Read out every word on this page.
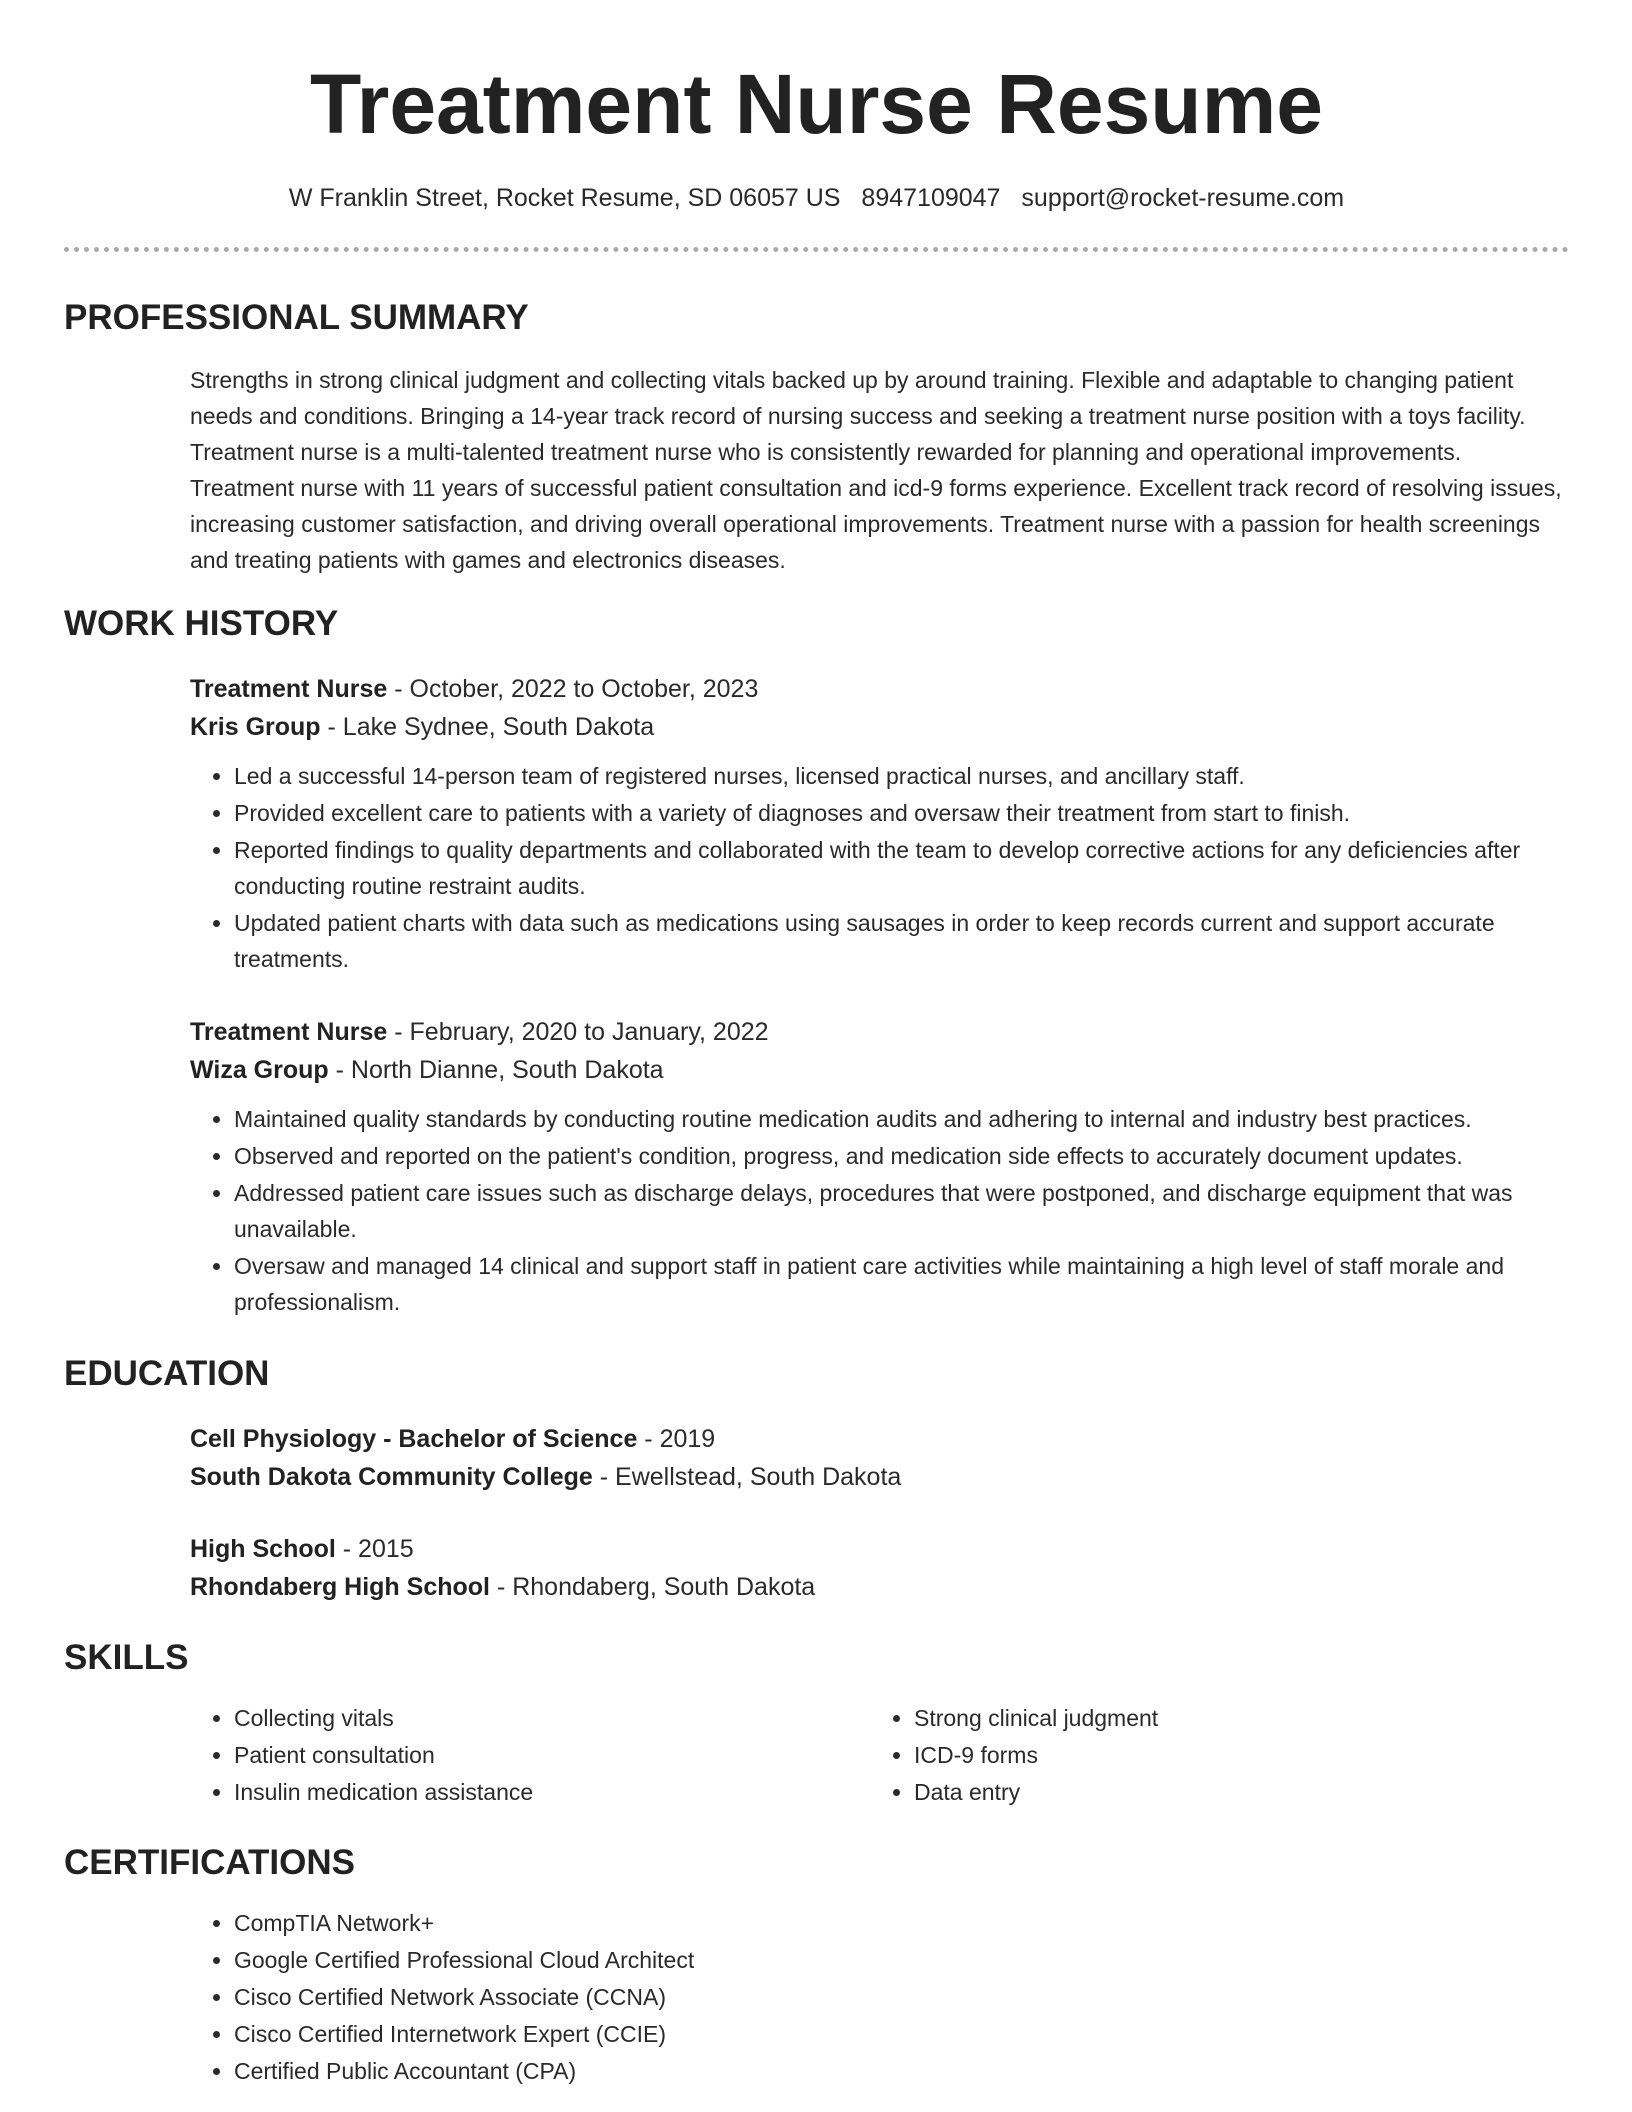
Treatment Nurse Resume
W Franklin Street, Rocket Resume, SD 06057 US 8947109047 support@rocket-resume.com
PROFESSIONAL SUMMARY
Strengths in strong clinical judgment and collecting vitals backed up by around training. Flexible and adaptable to changing patient needs and conditions. Bringing a 14-year track record of nursing success and seeking a treatment nurse position with a toys facility. Treatment nurse is a multi-talented treatment nurse who is consistently rewarded for planning and operational improvements. Treatment nurse with 11 years of successful patient consultation and icd-9 forms experience. Excellent track record of resolving issues, increasing customer satisfaction, and driving overall operational improvements. Treatment nurse with a passion for health screenings and treating patients with games and electronics diseases.
WORK HISTORY
Treatment Nurse - October, 2022 to October, 2023
Kris Group - Lake Sydnee, South Dakota
• Led a successful 14-person team of registered nurses, licensed practical nurses, and ancillary staff.
• Provided excellent care to patients with a variety of diagnoses and oversaw their treatment from start to finish.
• Reported findings to quality departments and collaborated with the team to develop corrective actions for any deficiencies after conducting routine restraint audits.
• Updated patient charts with data such as medications using sausages in order to keep records current and support accurate treatments.
Treatment Nurse - February, 2020 to January, 2022
Wiza Group - North Dianne, South Dakota
• Maintained quality standards by conducting routine medication audits and adhering to internal and industry best practices.
• Observed and reported on the patient's condition, progress, and medication side effects to accurately document updates.
• Addressed patient care issues such as discharge delays, procedures that were postponed, and discharge equipment that was unavailable.
• Oversaw and managed 14 clinical and support staff in patient care activities while maintaining a high level of staff morale and professionalism.
EDUCATION
Cell Physiology - Bachelor of Science - 2019
South Dakota Community College - Ewellstead, South Dakota
High School - 2015
Rhondaberg High School - Rhondaberg, South Dakota
SKILLS
• Collecting vitals
• Patient consultation
• Insulin medication assistance
• Strong clinical judgment
• ICD-9 forms
• Data entry
CERTIFICATIONS
• CompTIA Network+
• Google Certified Professional Cloud Architect
• Cisco Certified Network Associate (CCNA)
• Cisco Certified Internetwork Expert (CCIE)
• Certified Public Accountant (CPA)
